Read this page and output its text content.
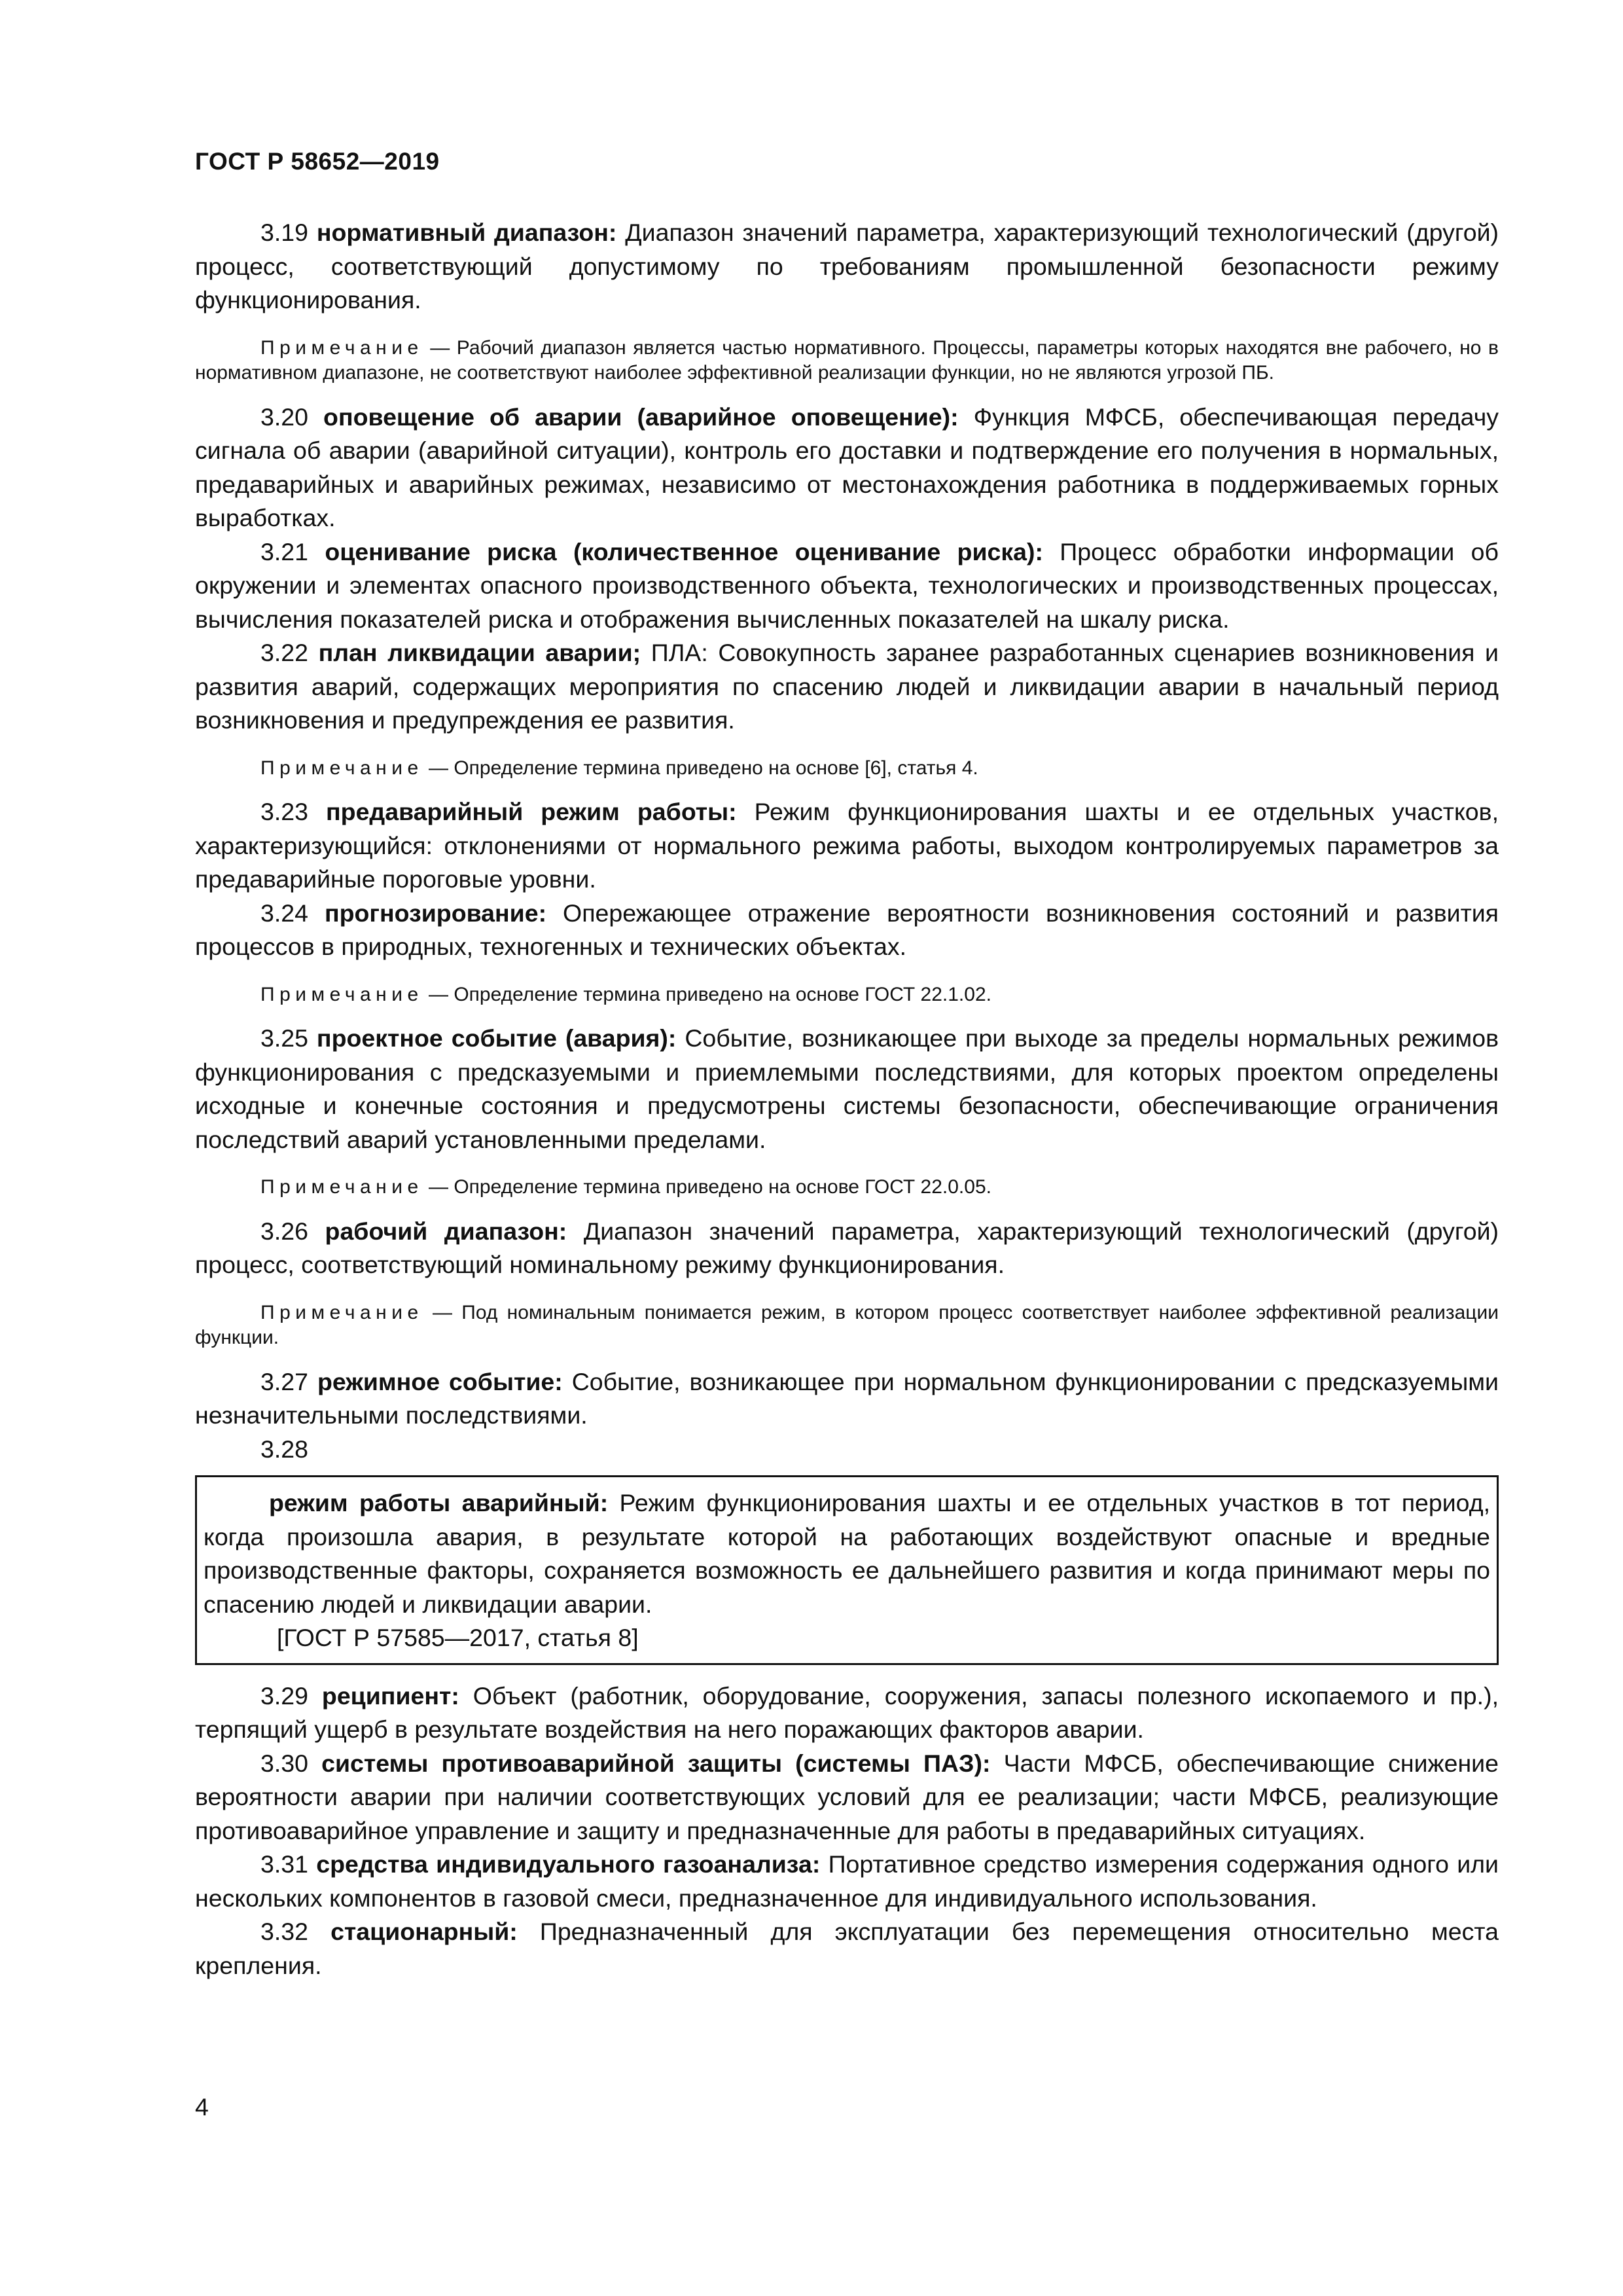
ГОСТ Р 58652—2019

3.19 нормативный диапазон: Диапазон значений параметра, характеризующий технологический (другой) процесс, соответствующий допустимому по требованиям промышленной безопасности режиму функционирования.

Примечание — Рабочий диапазон является частью нормативного. Процессы, параметры которых находятся вне рабочего, но в нормативном диапазоне, не соответствуют наиболее эффективной реализации функции, но не являются угрозой ПБ.

3.20 оповещение об аварии (аварийное оповещение): Функция МФСБ, обеспечивающая передачу сигнала об аварии (аварийной ситуации), контроль его доставки и подтверждение его получения в нормальных, предаварийных и аварийных режимах, независимо от местонахождения работника в поддерживаемых горных выработках.

3.21 оценивание риска (количественное оценивание риска): Процесс обработки информации об окружении и элементах опасного производственного объекта, технологических и производственных процессах, вычисления показателей риска и отображения вычисленных показателей на шкалу риска.

3.22 план ликвидации аварии; ПЛА: Совокупность заранее разработанных сценариев возникновения и развития аварий, содержащих мероприятия по спасению людей и ликвидации аварии в начальный период возникновения и предупреждения ее развития.

Примечание — Определение термина приведено на основе [6], статья 4.

3.23 предаварийный режим работы: Режим функционирования шахты и ее отдельных участков, характеризующийся: отклонениями от нормального режима работы, выходом контролируемых параметров за предаварийные пороговые уровни.

3.24 прогнозирование: Опережающее отражение вероятности возникновения состояний и развития процессов в природных, техногенных и технических объектах.

Примечание — Определение термина приведено на основе ГОСТ 22.1.02.

3.25 проектное событие (авария): Событие, возникающее при выходе за пределы нормальных режимов функционирования с предсказуемыми и приемлемыми последствиями, для которых проектом определены исходные и конечные состояния и предусмотрены системы безопасности, обеспечивающие ограничения последствий аварий установленными пределами.

Примечание — Определение термина приведено на основе ГОСТ 22.0.05.

3.26 рабочий диапазон: Диапазон значений параметра, характеризующий технологический (другой) процесс, соответствующий номинальному режиму функционирования.

Примечание — Под номинальным понимается режим, в котором процесс соответствует наиболее эффективной реализации функции.

3.27 режимное событие: Событие, возникающее при нормальном функционировании с предсказуемыми незначительными последствиями.

3.28

режим работы аварийный: Режим функционирования шахты и ее отдельных участков в тот период, когда произошла авария, в результате которой на работающих воздействуют опасные и вредные производственные факторы, сохраняется возможность ее дальнейшего развития и когда принимают меры по спасению людей и ликвидации аварии.

[ГОСТ Р 57585—2017, статья 8]

3.29 реципиент: Объект (работник, оборудование, сооружения, запасы полезного ископаемого и пр.), терпящий ущерб в результате воздействия на него поражающих факторов аварии.

3.30 системы противоаварийной защиты (системы ПАЗ): Части МФСБ, обеспечивающие снижение вероятности аварии при наличии соответствующих условий для ее реализации; части МФСБ, реализующие противоаварийное управление и защиту и предназначенные для работы в предаварийных ситуациях.

3.31 средства индивидуального газоанализа: Портативное средство измерения содержания одного или нескольких компонентов в газовой смеси, предназначенное для индивидуального использования.

3.32 стационарный: Предназначенный для эксплуатации без перемещения относительно места крепления.

4
